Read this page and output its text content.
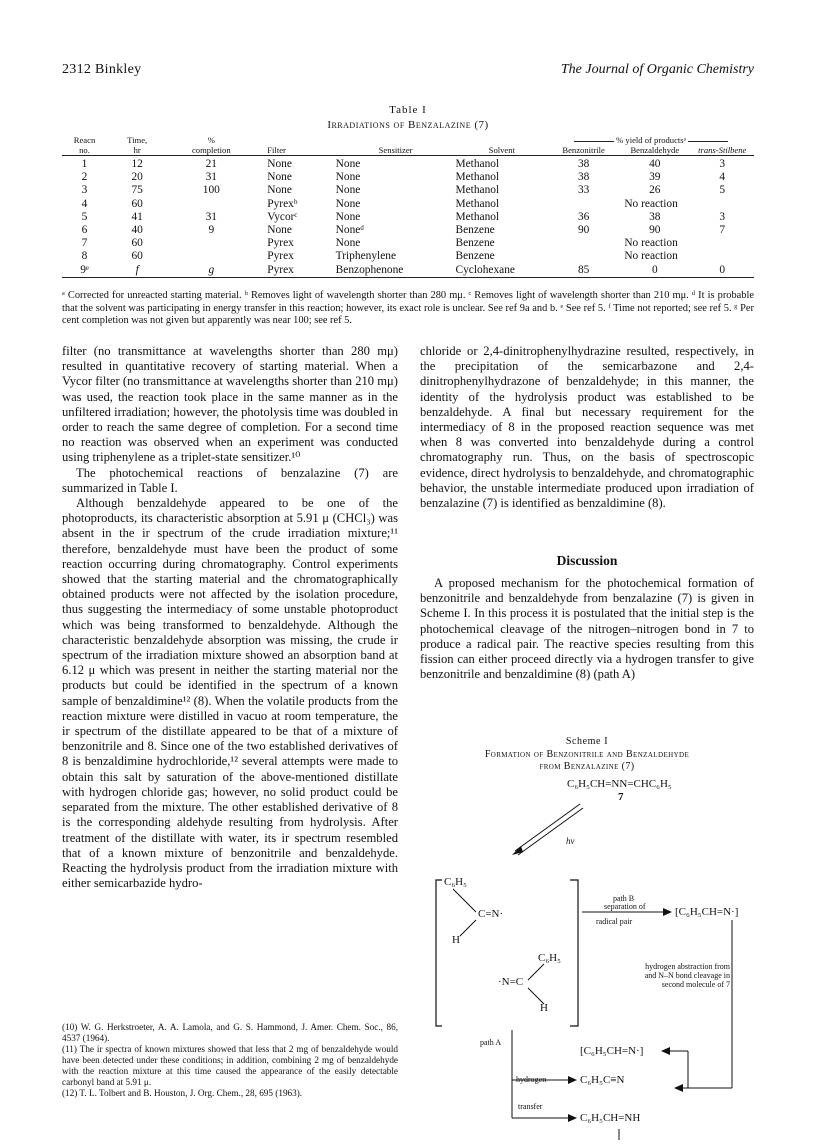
2312 Binkley	The Journal of Organic Chemistry
Table I
Irradiations of Benzalazine (7)
Reacn	Time,	%				% yield of productsᵃ		
no.	hr	completion	Filter	Sensitizer	Solvent	Benzonitrile	Benzaldehyde	trans-Stilbene

1	12	21	None	None	Methanol	38	40	3
2	20	31	None	None	Methanol	38	39	4
3	75	100	None	None	Methanol	33	26	5
4	60		Pyrexᵇ	None	Methanol	No reaction		
5	41	31	Vycorᶜ	None	Methanol	36	38	3
6	40	9	None	Noneᵈ	Benzene	90	90	7
7	60		Pyrex	None	Benzene	No reaction		
8	60		Pyrex	Triphenylene	Benzene	No reaction		
9ᵉ	f	g	Pyrex	Benzophenone	Cyclohexane	85	0	0

ᵃ Corrected for unreacted starting material. ᵇ Removes light of wavelength shorter than 280 mμ. ᶜ Removes light of wavelength shorter than 210 mμ. ᵈ It is probable that the solvent was participating in energy transfer in this reaction; however, its exact role is unclear. See ref 9a and b. ᵉ See ref 5. ᶠ Time not reported; see ref 5. ᵍ Per cent completion was not given but apparently was near 100; see ref 5.

filter (no transmittance at wavelengths shorter than 280 mμ) resulted in quantitative recovery of starting material. When a Vycor filter (no transmittance at wavelengths shorter than 210 mμ) was used, the reaction took place in the same manner as in the unfiltered irradiation; however, the photolysis time was doubled in order to reach the same degree of completion. For a second time no reaction was observed when an experiment was conducted using triphenylene as a triplet-state sensitizer.¹⁰

The photochemical reactions of benzalazine (7) are summarized in Table I.

Although benzaldehyde appeared to be one of the photoproducts, its characteristic absorption at 5.91 μ (CHCl₃) was absent in the ir spectrum of the crude irradiation mixture;¹¹ therefore, benzaldehyde must have been the product of some reaction occurring during chromatography. Control experiments showed that the starting material and the chromatographically obtained products were not affected by the isolation procedure, thus suggesting the intermediacy of some unstable photoproduct which was being transformed to benzaldehyde. Although the characteristic benzaldehyde absorption was missing, the crude ir spectrum of the irradiation mixture showed an absorption band at 6.12 μ which was present in neither the starting material nor the products but could be identified in the spectrum of a known sample of benzaldimine¹² (8). When the volatile products from the reaction mixture were distilled in vacuo at room temperature, the ir spectrum of the distillate appeared to be that of a mixture of benzonitrile and 8. Since one of the two established derivatives of 8 is benzaldimine hydrochloride,¹² several attempts were made to obtain this salt by saturation of the above-mentioned distillate with hydrogen chloride gas; however, no solid product could be separated from the mixture. The other established derivative of 8 is the corresponding aldehyde resulting from hydrolysis. After treatment of the distillate with water, its ir spectrum resembled that of a known mixture of benzonitrile and benzaldehyde. Reacting the hydrolysis product from the irradiation mixture with either semicarbazide hydro-

(10) W. G. Herkstroeter, A. A. Lamola, and G. S. Hammond, J. Amer. Chem. Soc., 86, 4537 (1964).

(11) The ir spectra of known mixtures showed that less that 2 mg of benzaldehyde would have been detected under these conditions; in addition, combining 2 mg of benzaldehyde with the reaction mixture at this time caused the appearance of the easily detectable carbonyl band at 5.91 μ.

(12) T. L. Tolbert and B. Houston, J. Org. Chem., 28, 695 (1963).

chloride or 2,4-dinitrophenylhydrazine resulted, respectively, in the precipitation of the semicarbazone and 2,4-dinitrophenylhydrazone of benzaldehyde; in this manner, the identity of the hydrolysis product was established to be benzaldehyde. A final but necessary requirement for the intermediacy of 8 in the proposed reaction sequence was met when 8 was converted into benzaldehyde during a control chromatography run. Thus, on the basis of spectroscopic evidence, direct hydrolysis to benzaldehyde, and chromatographic behavior, the unstable intermediate produced upon irradiation of benzalazine (7) is identified as benzaldimine (8).

Discussion

A proposed mechanism for the photochemical formation of benzonitrile and benzaldehyde from benzalazine (7) is given in Scheme I. In this process it is postulated that the initial step is the photochemical cleavage of the nitrogen–nitrogen bond in 7 to produce a radical pair. The reactive species resulting from this fission can either proceed directly via a hydrogen transfer to give benzonitrile and benzaldimine (8) (path A)

Scheme I
Formation of Benzonitrile and Benzaldehyde
from Benzalazine (7)
C₆H₅CH=NN=CHC₆H₅
7
hν
C₆H₅
C=N·
H
C₆H₅
·N=C
H
path B
separation of
radical pair
[C₆H₅CH=N·]
hydrogen abstraction from and N–N bond cleavage in second molecule of 7
path A
[C₆H₅CH=N·]
hydrogen
transfer
C₆H₅C≡N
C₆H₅CH=NH
